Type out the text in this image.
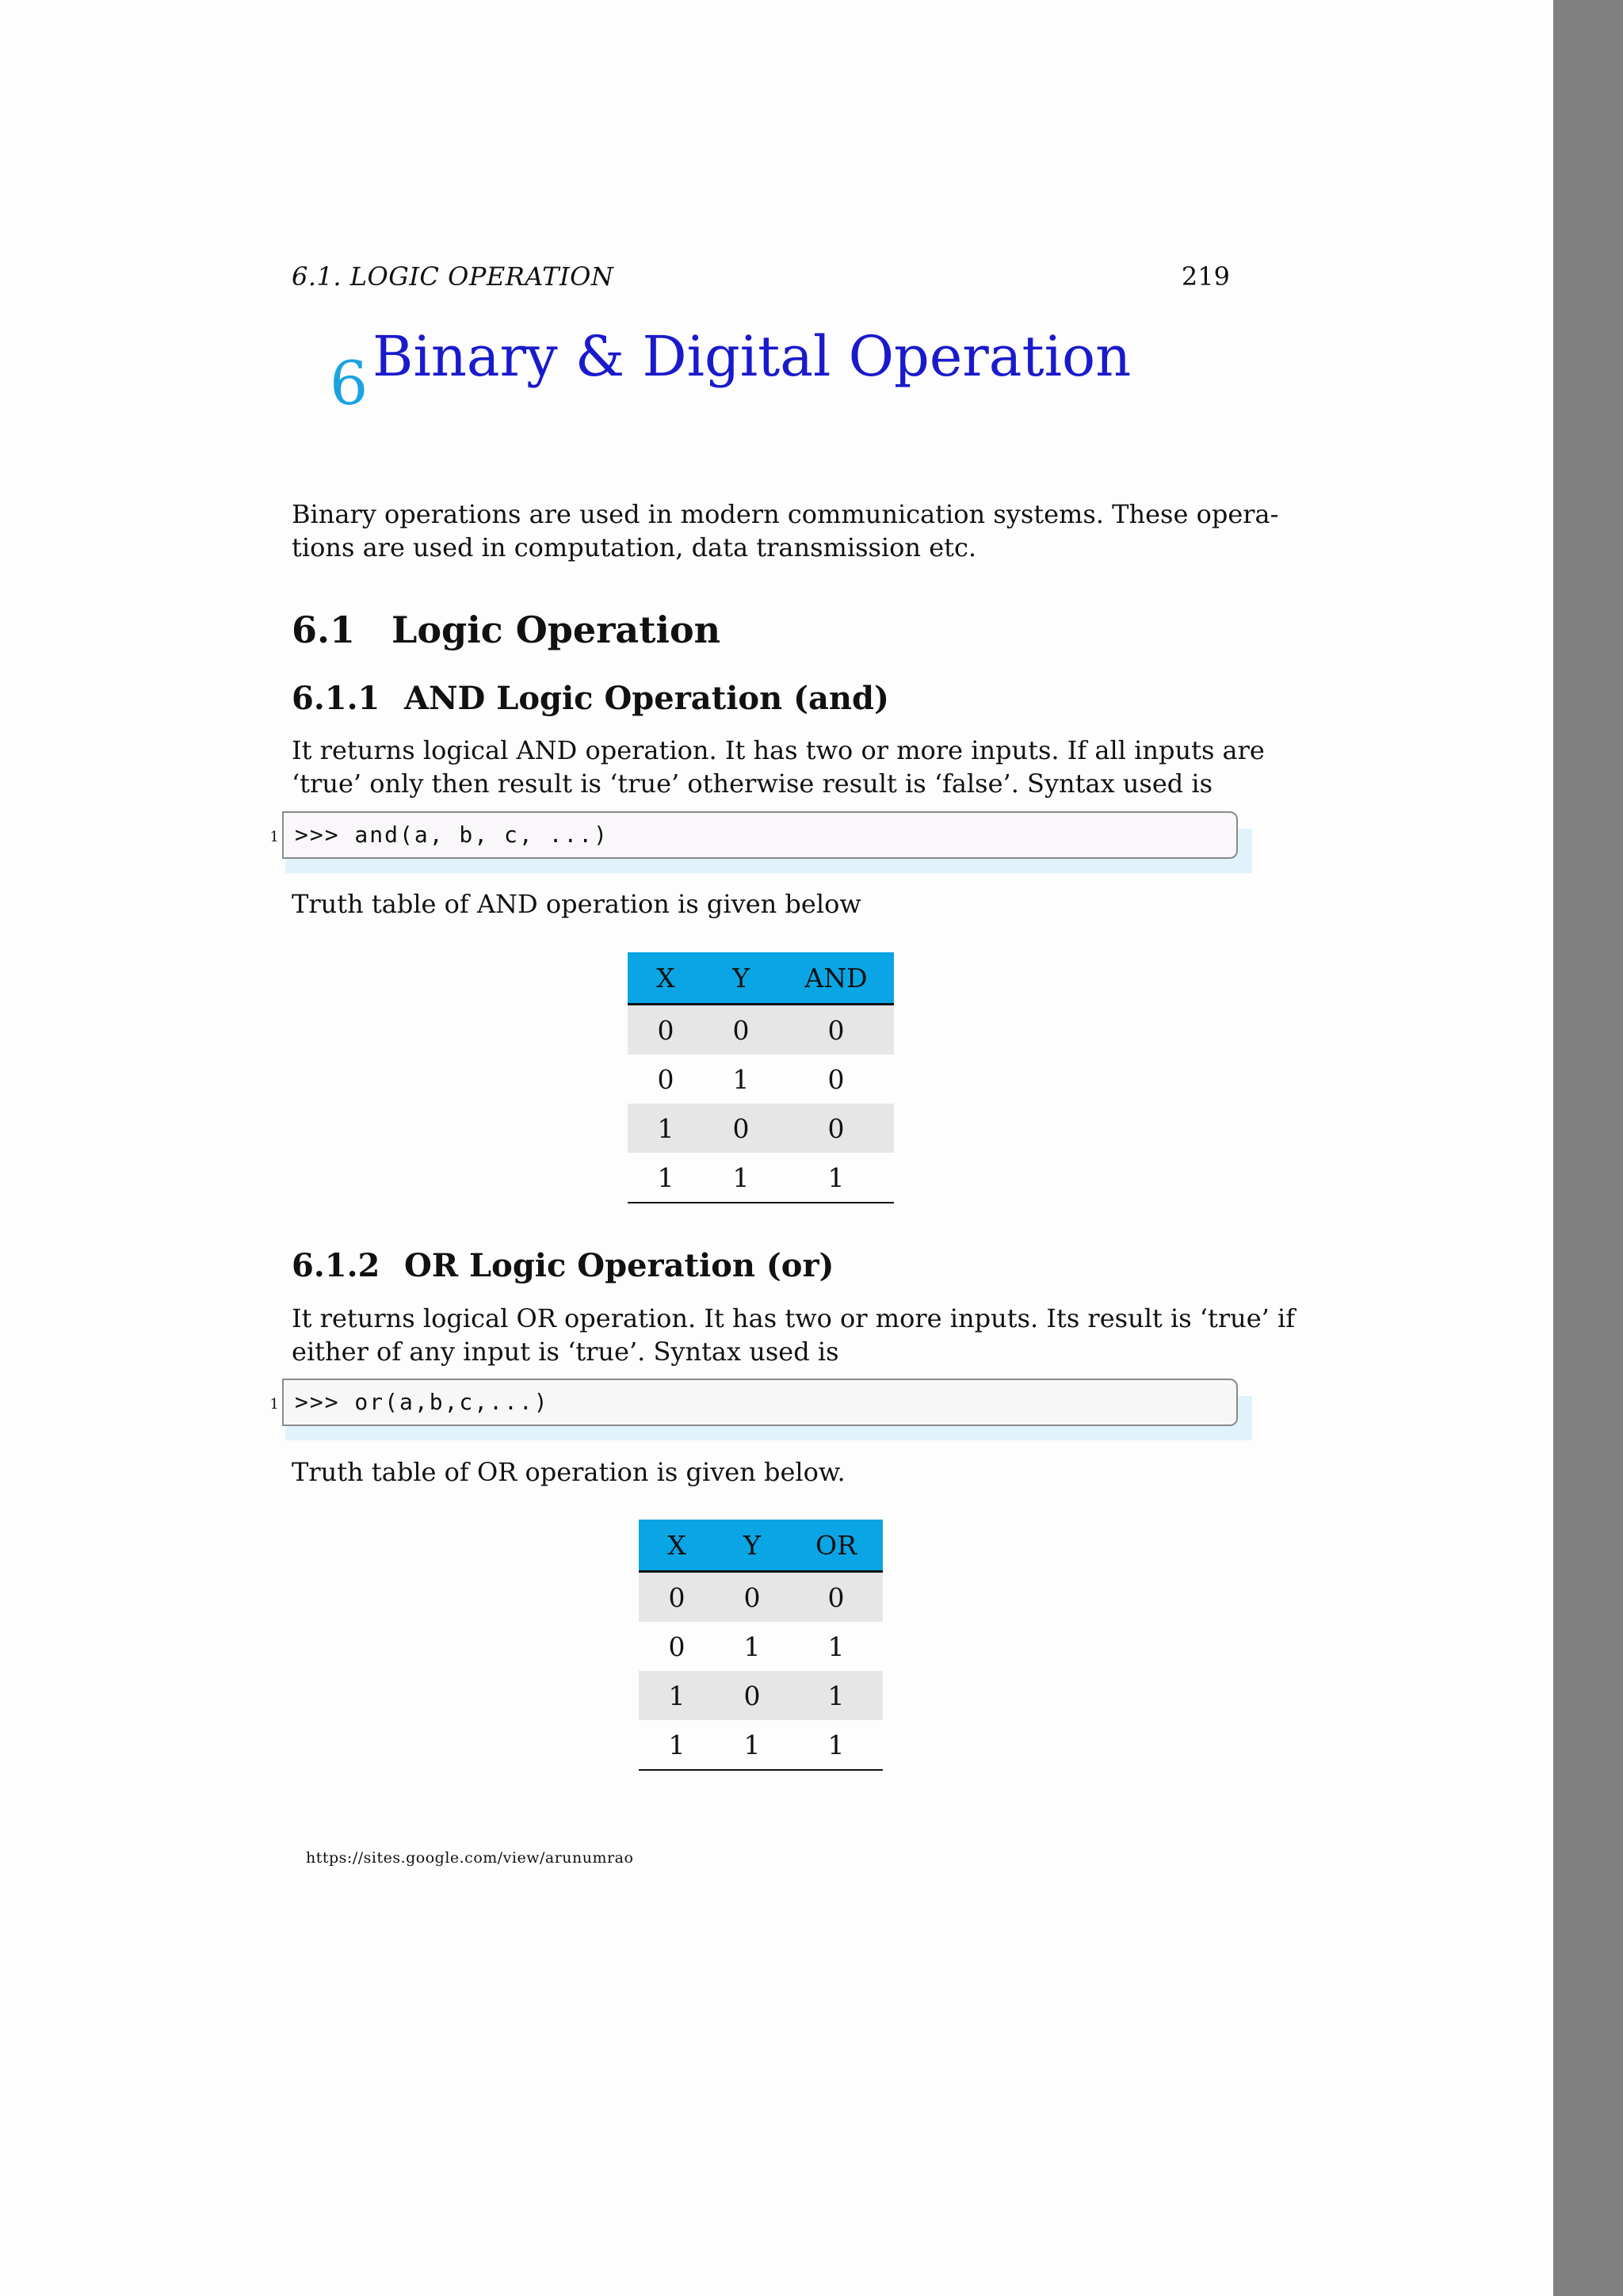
6.1. LOGIC OPERATION	219
6 Binary & Digital Operation
Binary operations are used in modern communication systems. These opera-
tions are used in computation, data transmission etc.
6.1 Logic Operation
6.1.1 AND Logic Operation (and)
It returns logical AND operation. It has two or more inputs. If all inputs are
‘true’ only then result is ‘true’ otherwise result is ‘false’. Syntax used is
1 >>> and(a, b, c, ...)
Truth table of AND operation is given below
X	Y	AND
0	0	0
0	1	0
1	0	0
1	1	1
6.1.2 OR Logic Operation (or)
It returns logical OR operation. It has two or more inputs. Its result is ‘true’ if
either of any input is ‘true’. Syntax used is
1 >>> or(a,b,c,...)
Truth table of OR operation is given below.
X	Y	OR
0	0	0
0	1	1
1	0	1
1	1	1
https://sites.google.com/view/arunumrao
